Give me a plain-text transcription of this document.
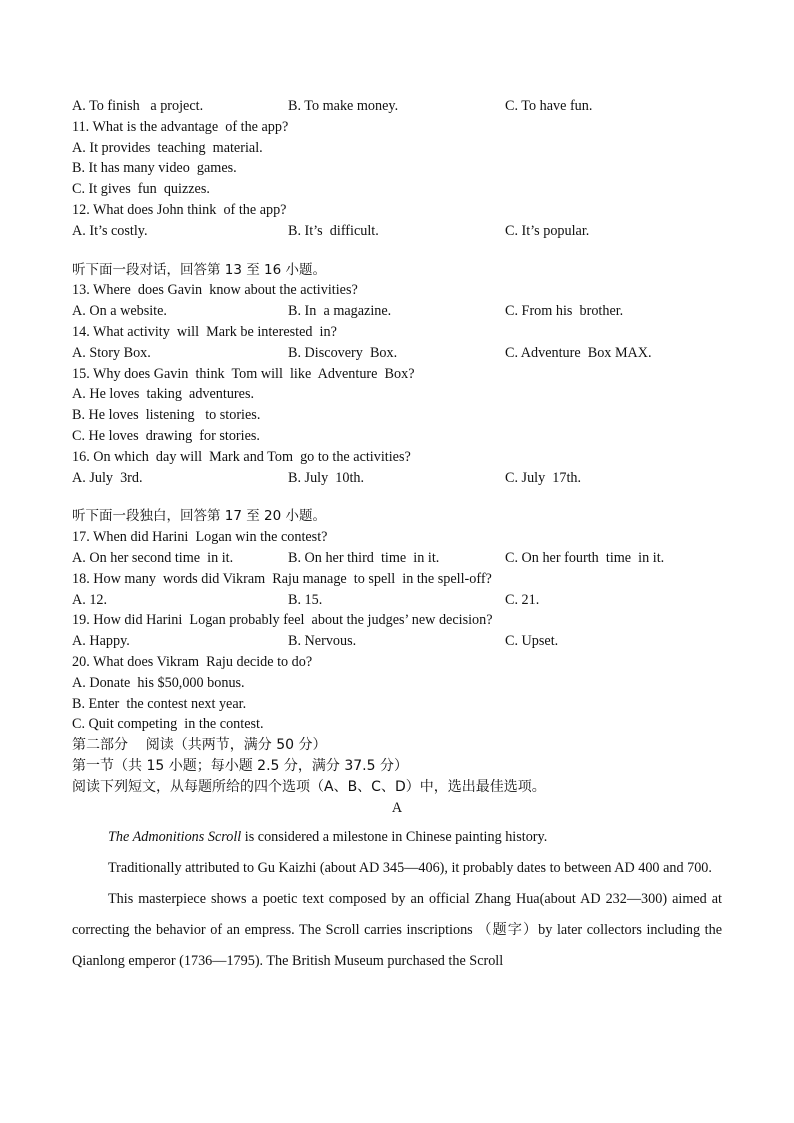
A. To finish   a project.	B. To make money.	C. To have fun.
11. What is the advantage  of the app?
A. It provides  teaching  material.
B. It has many video  games.
C. It gives  fun  quizzes.
12. What does John think  of the app?
A. It’s costly.	B. It’s  difficult.	C. It’s popular.
听下面一段对话，回答第 13 至 16 小题。
13. Where  does Gavin  know about the activities?
A. On a website.	B. In  a magazine.	C. From his  brother.
14. What activity  will  Mark be interested  in?
A. Story Box.	B. Discovery  Box.	C. Adventure  Box MAX.
15. Why does Gavin  think  Tom will  like  Adventure  Box?
A. He loves  taking  adventures.
B. He loves  listening   to stories.
C. He loves  drawing  for stories.
16. On which  day will  Mark and Tom  go to the activities?
A. July  3rd.	B. July  10th.	C. July  17th.
听下面一段独白，回答第 17 至 20 小题。
17. When did Harini  Logan win the contest?
A. On her second time  in it.	B. On her third  time  in it.	C. On her fourth  time  in it.
18. How many  words did Vikram  Raju manage  to spell  in the spell-off?
A. 12.	B. 15.	C. 21.
19. How did Harini  Logan probably feel  about the judges’ new decision?
A. Happy.	B. Nervous.	C. Upset.
20. What does Vikram  Raju decide to do?
A. Donate  his $50,000 bonus.
B. Enter  the contest next year.
C. Quit competing  in the contest.
第二部分    阅读（共两节，满分 50 分）
第一节（共 15 小题；每小题 2.5 分，满分 37.5 分）
阅读下列短文，从每题所给的四个选项（A、B、C、D）中，选出最佳选项。
A
The Admonitions Scroll is considered a milestone in Chinese painting history.
Traditionally attributed to Gu Kaizhi (about AD 345—406), it probably dates to between AD 400 and 700.
This masterpiece shows a poetic text composed by an official Zhang Hua(about AD 232—300) aimed at correcting the behavior of an empress. The Scroll carries inscriptions （题字）by later collectors including the Qianlong emperor (1736—1795). The British Museum purchased the Scroll
